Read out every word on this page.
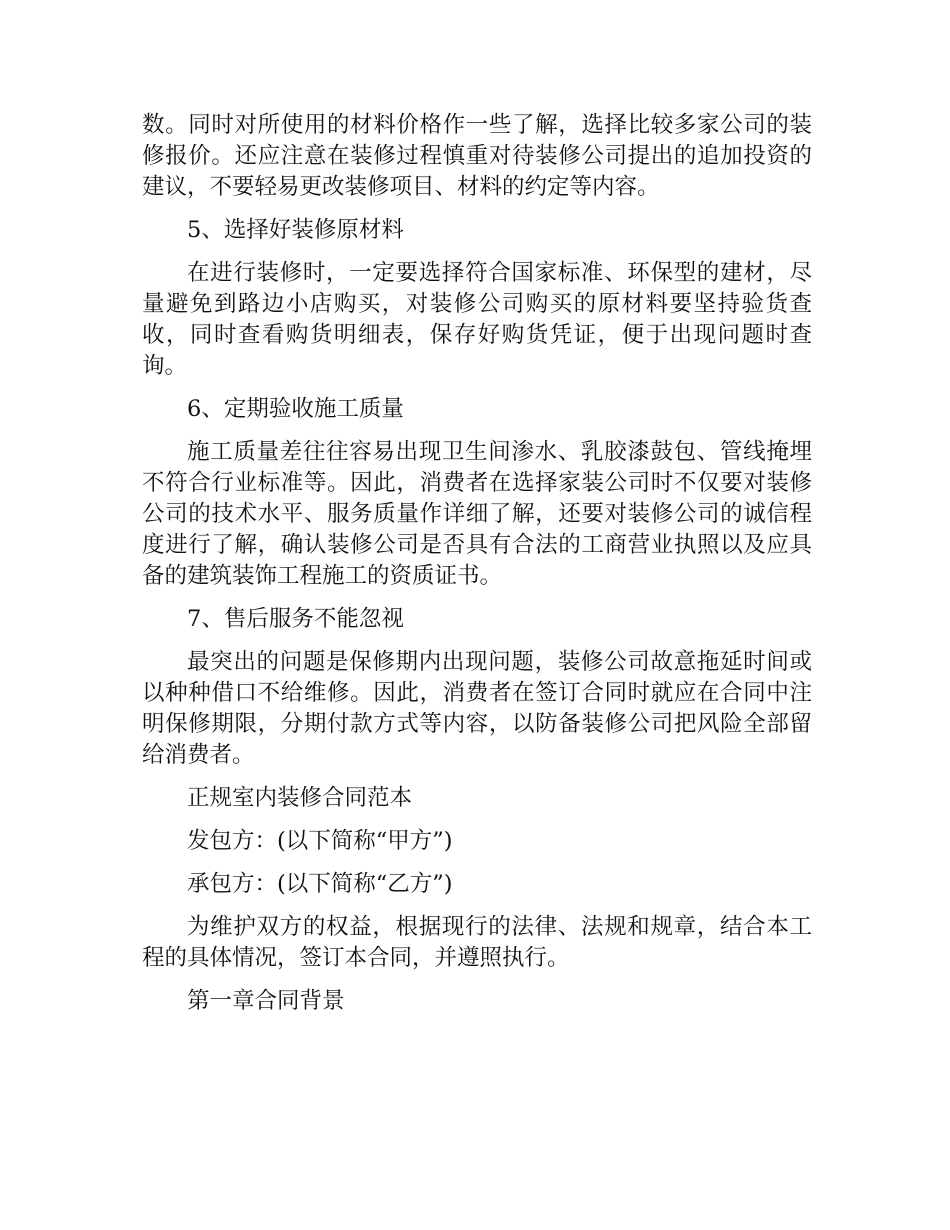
数。同时对所使用的材料价格作一些了解，选择比较多家公司的装修报价。还应注意在装修过程慎重对待装修公司提出的追加投资的建议，不要轻易更改装修项目、材料的约定等内容。

5、选择好装修原材料

在进行装修时，一定要选择符合国家标准、环保型的建材，尽量避免到路边小店购买，对装修公司购买的原材料要坚持验货查收，同时查看购货明细表，保存好购货凭证，便于出现问题时查询。

6、定期验收施工质量

施工质量差往往容易出现卫生间渗水、乳胶漆鼓包、管线掩埋不符合行业标准等。因此，消费者在选择家装公司时不仅要对装修公司的技术水平、服务质量作详细了解，还要对装修公司的诚信程度进行了解，确认装修公司是否具有合法的工商营业执照以及应具备的建筑装饰工程施工的资质证书。

7、售后服务不能忽视

最突出的问题是保修期内出现问题，装修公司故意拖延时间或以种种借口不给维修。因此，消费者在签订合同时就应在合同中注明保修期限，分期付款方式等内容，以防备装修公司把风险全部留给消费者。

正规室内装修合同范本

发包方：(以下简称“甲方”)

承包方：(以下简称“乙方”)

为维护双方的权益，根据现行的法律、法规和规章，结合本工程的具体情况，签订本合同，并遵照执行。

第一章合同背景
